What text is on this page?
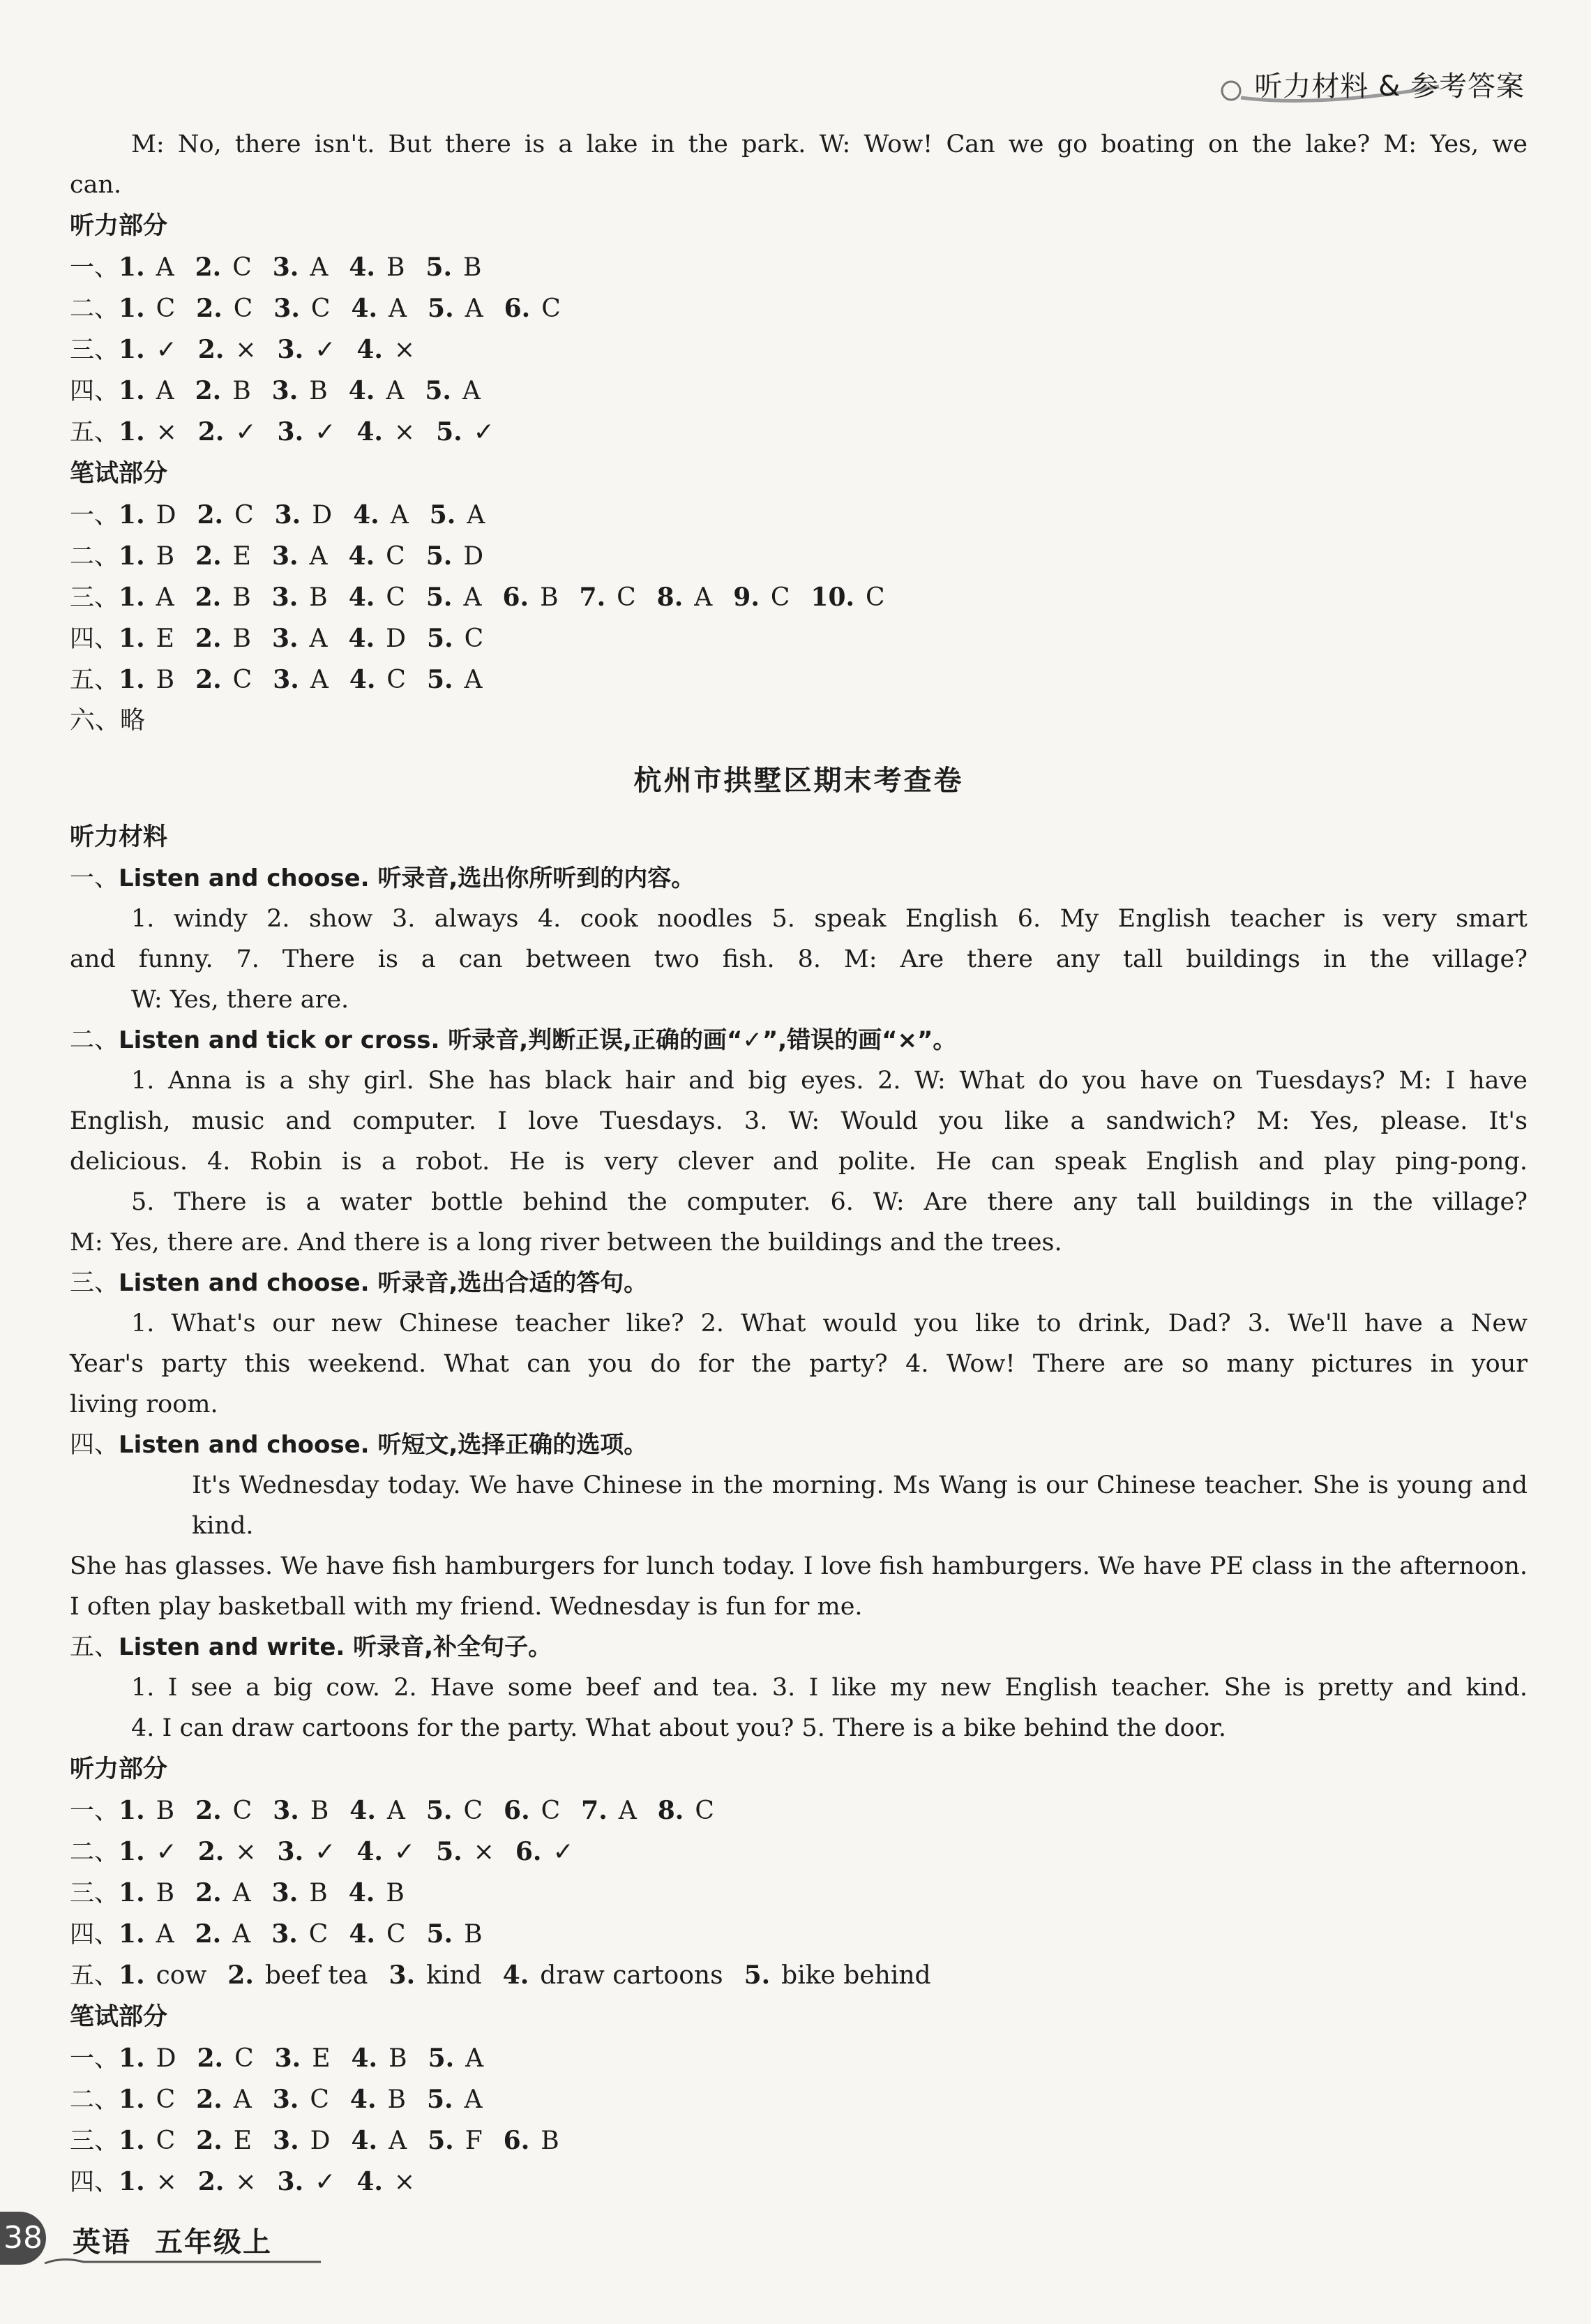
听力材料 & 参考答案
M: No, there isn't. But there is a lake in the park. W: Wow! Can we go boating on the lake? M: Yes, we
can.
听力部分
一、1. A 2. C 3. A 4. B 5. B
二、1. C 2. C 3. C 4. A 5. A 6. C
三、1. ✓ 2. × 3. ✓ 4. ×
四、1. A 2. B 3. B 4. A 5. A
五、1. × 2. ✓ 3. ✓ 4. × 5. ✓
笔试部分
一、1. D 2. C 3. D 4. A 5. A
二、1. B 2. E 3. A 4. C 5. D
三、1. A 2. B 3. B 4. C 5. A 6. B 7. C 8. A 9. C 10. C
四、1. E 2. B 3. A 4. D 5. C
五、1. B 2. C 3. A 4. C 5. A
六、略
杭州市拱墅区期末考查卷
听力材料
一、Listen and choose. 听录音,选出你所听到的内容。
1. windy 2. show 3. always 4. cook noodles 5. speak English 6. My English teacher is very smart
and funny. 7. There is a can between two fish. 8. M: Are there any tall buildings in the village?
W: Yes, there are.
二、Listen and tick or cross. 听录音,判断正误,正确的画“✓”,错误的画“×”。
1. Anna is a shy girl. She has black hair and big eyes. 2. W: What do you have on Tuesdays? M: I have
English, music and computer. I love Tuesdays. 3. W: Would you like a sandwich? M: Yes, please. It's
delicious. 4. Robin is a robot. He is very clever and polite. He can speak English and play ping-pong.
5. There is a water bottle behind the computer. 6. W: Are there any tall buildings in the village?
M: Yes, there are. And there is a long river between the buildings and the trees.
三、Listen and choose. 听录音,选出合适的答句。
1. What's our new Chinese teacher like? 2. What would you like to drink, Dad? 3. We'll have a New
Year's party this weekend. What can you do for the party? 4. Wow! There are so many pictures in your
living room.
四、Listen and choose. 听短文,选择正确的选项。
It's Wednesday today. We have Chinese in the morning. Ms Wang is our Chinese teacher. She is young and kind.
She has glasses. We have fish hamburgers for lunch today. I love fish hamburgers. We have PE class in the afternoon.
I often play basketball with my friend. Wednesday is fun for me.
五、Listen and write. 听录音,补全句子。
1. I see a big cow. 2. Have some beef and tea. 3. I like my new English teacher. She is pretty and kind.
4. I can draw cartoons for the party. What about you? 5. There is a bike behind the door.
听力部分
一、1. B 2. C 3. B 4. A 5. C 6. C 7. A 8. C
二、1. ✓ 2. × 3. ✓ 4. ✓ 5. × 6. ✓
三、1. B 2. A 3. B 4. B
四、1. A 2. A 3. C 4. C 5. B
五、1. cow 2. beef tea 3. kind 4. draw cartoons 5. bike behind
笔试部分
一、1. D 2. C 3. E 4. B 5. A
二、1. C 2. A 3. C 4. B 5. A
三、1. C 2. E 3. D 4. A 5. F 6. B
四、1. × 2. × 3. ✓ 4. ×
38 英语 五年级上
